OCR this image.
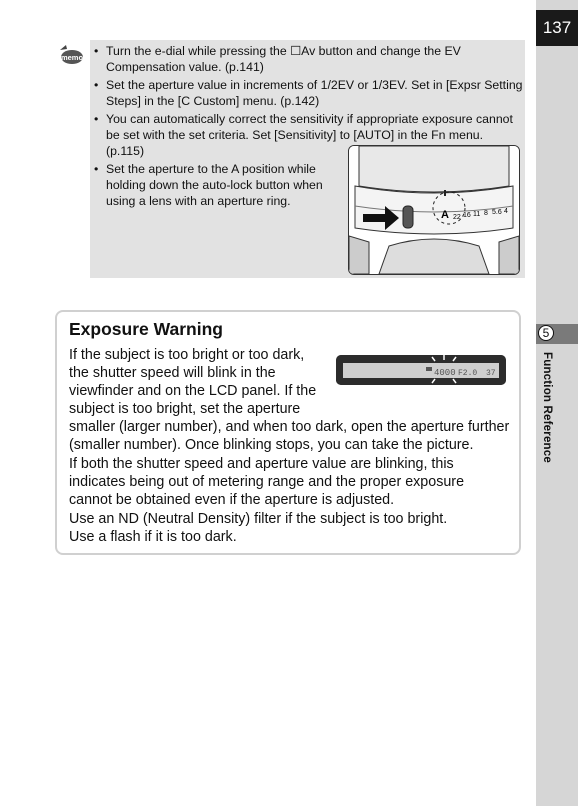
137
5
Function Reference
memo
•	Turn the e-dial while pressing the ☐Av button and change the EV Compensation value. (p.141)
• Set the aperture value in increments of 1/2EV or 1/3EV. Set in [Expsr Setting Steps] in the [C Custom] menu. (p.142)
• You can automatically correct the sensitivity if appropriate exposure cannot be set with the set criteria. Set [Sensitivity] to [AUTO] in the Fn menu. (p.115)
• Set the aperture to the A position while holding down the auto-lock button when using a lens with an aperture ring.
A 22 16 11 8 5.6 4
Exposure Warning
If the subject is too bright or too dark,
the shutter speed will blink in the
viewfinder and on the LCD panel. If the
subject is too bright, set the aperture
smaller (larger number), and when too dark, open the aperture further
(smaller number). Once blinking stops, you can take the picture.
If both the shutter speed and aperture value are blinking, this
indicates being out of metering range and the proper exposure
cannot be obtained even if the aperture is adjusted.
Use an ND (Neutral Density) filter if the subject is too bright.
Use a flash if it is too dark.
4000 F2.0 37
